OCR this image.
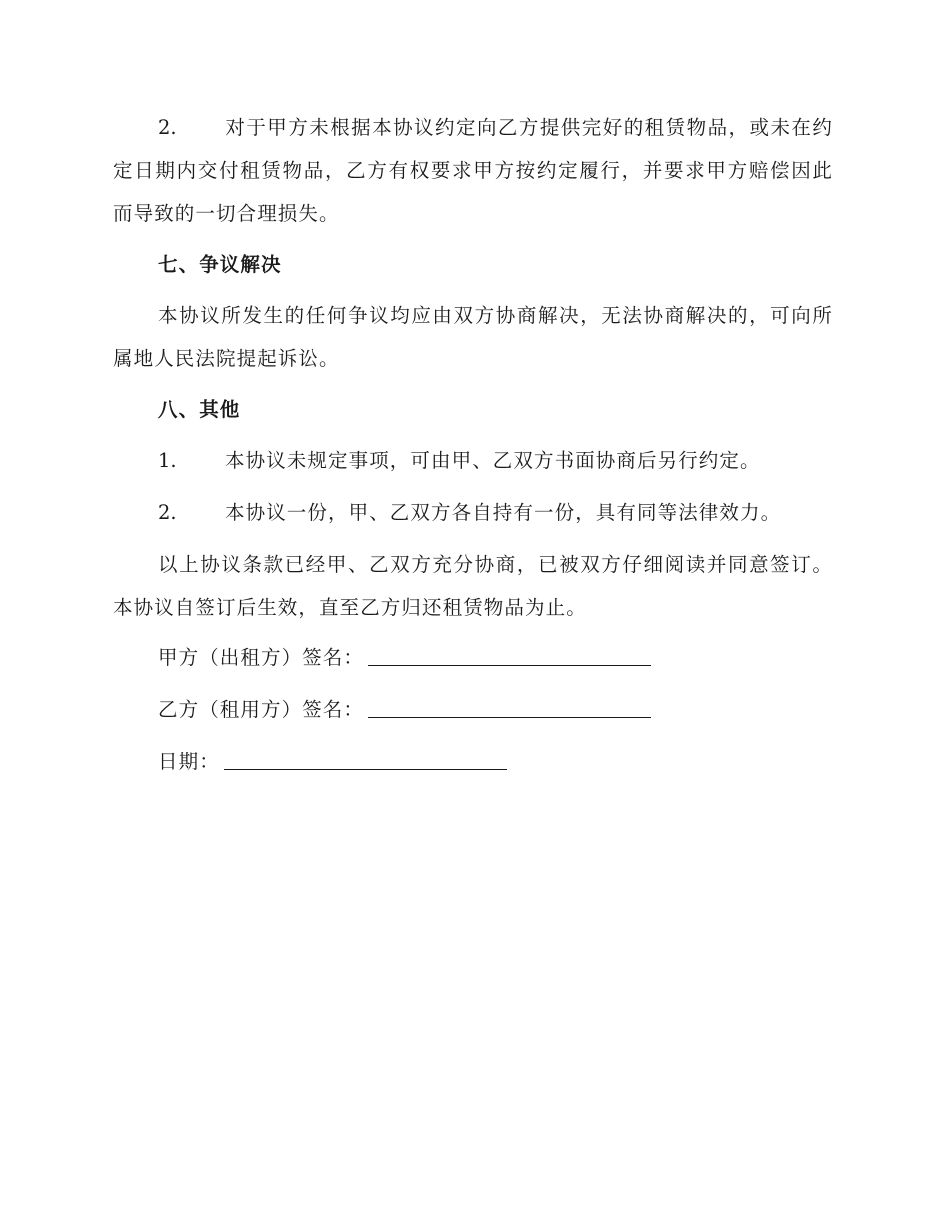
2. 对于甲方未根据本协议约定向乙方提供完好的租赁物品，或未在约定日期内交付租赁物品，乙方有权要求甲方按约定履行，并要求甲方赔偿因此而导致的一切合理损失。

七、争议解决

本协议所发生的任何争议均应由双方协商解决，无法协商解决的，可向所属地人民法院提起诉讼。

八、其他

1. 本协议未规定事项，可由甲、乙双方书面协商后另行约定。

2. 本协议一份，甲、乙双方各自持有一份，具有同等法律效力。

以上协议条款已经甲、乙双方充分协商，已被双方仔细阅读并同意签订。本协议自签订后生效，直至乙方归还租赁物品为止。

甲方（出租方）签名：
乙方（租用方）签名：
日期：
